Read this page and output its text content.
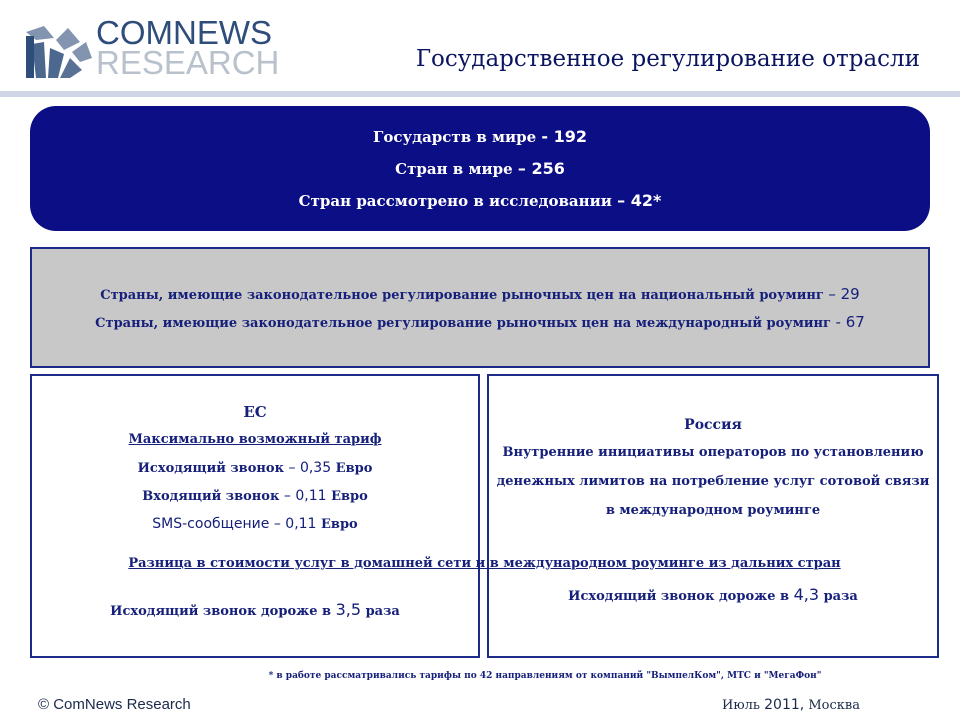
COMNEWS
RESEARCH	Государственное регулирование отрасли
Государств в мире - 192
Стран в мире – 256
Стран рассмотрено в исследовании – 42*
Страны, имеющие законодательное регулирование рыночных цен на национальный роуминг – 29
Страны, имеющие законодательное регулирование рыночных цен на международный роуминг - 67
ЕС
Максимально возможный тариф
Исходящий звонок – 0,35 Евро
Входящий звонок – 0,11 Евро
SMS-сообщение – 0,11 Евро
Россия
Внутренние инициативы операторов по установлению
денежных лимитов на потребление услуг сотовой связи
в международном роуминге
Разница в стоимости услуг в домашней сети и в международном роуминге из дальних стран
Исходящий звонок дороже в 3,5 раза
Исходящий звонок дороже в 4,3 раза
* в работе рассматривались тарифы по 42 направлениям от компаний "ВымпелКом", МТС и "МегаФон"
© ComNews Research	Июль 2011, Москва
